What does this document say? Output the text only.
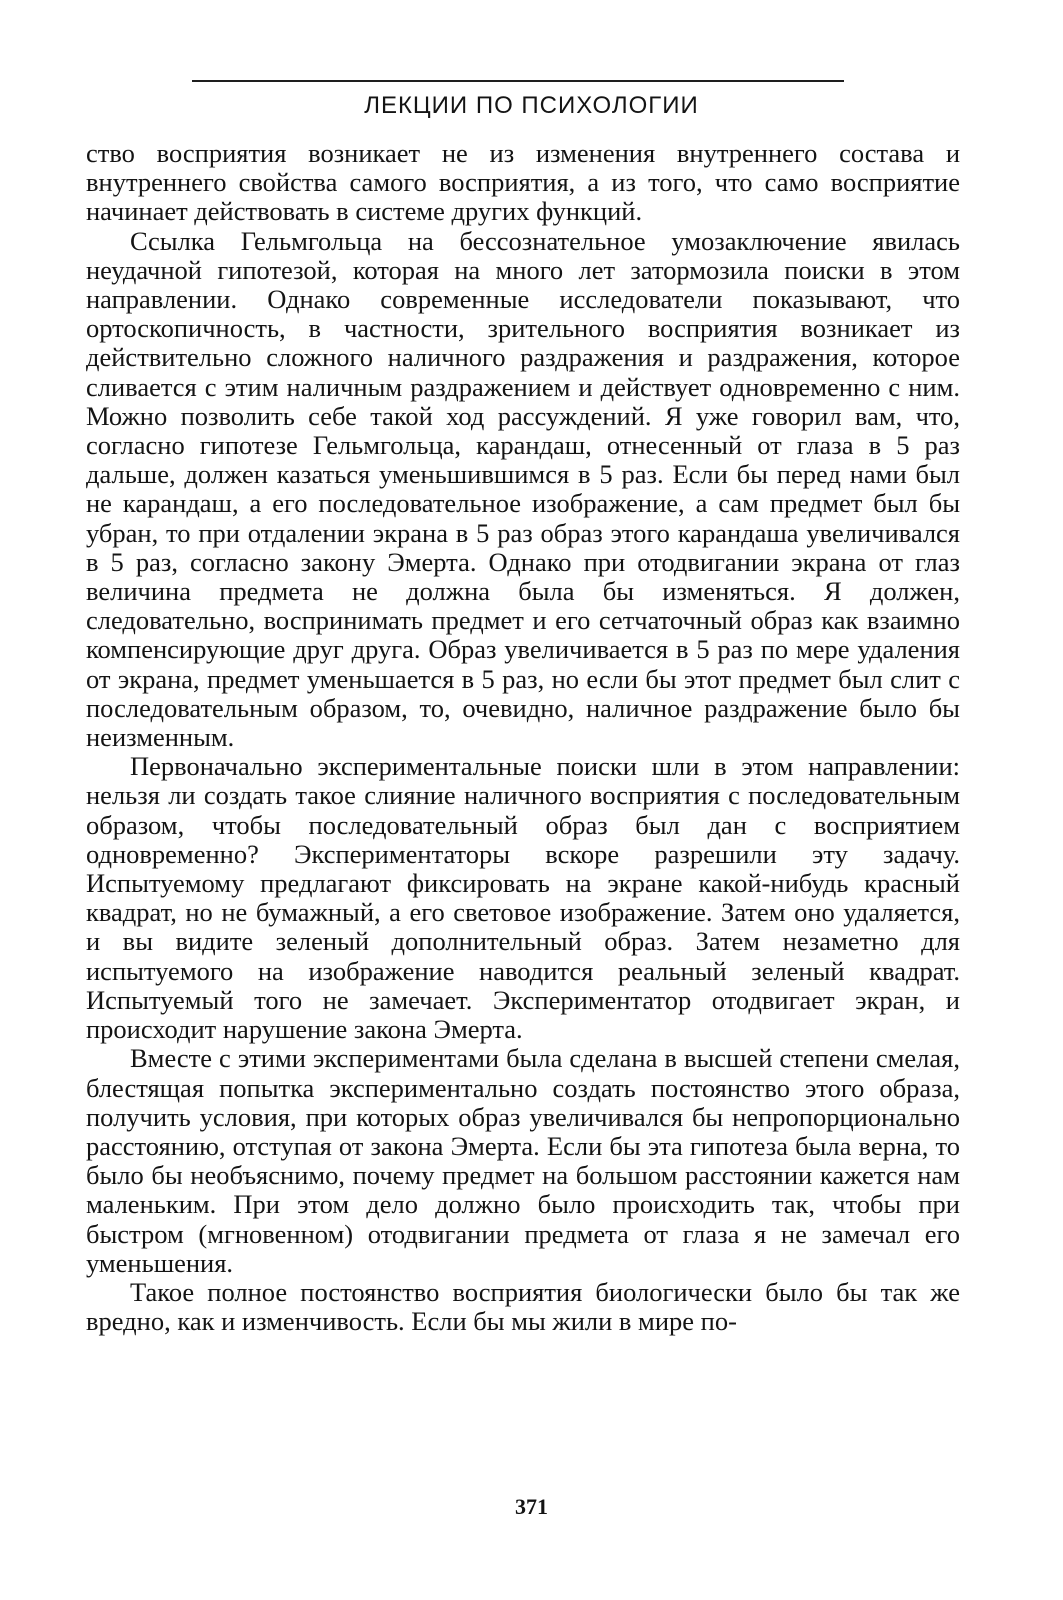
ЛЕКЦИИ ПО ПСИХОЛОГИИ

ство восприятия возникает не из изменения внутреннего состава и внутреннего свойства самого восприятия, а из того, что само восприятие начинает действовать в системе других функций.

Ссылка Гельмгольца на бессознательное умозаключение явилась неудачной гипотезой, которая на много лет затормозила поиски в этом направлении. Однако современные исследователи показывают, что ортоскопичность, в частности, зрительного восприятия возникает из действительно сложного наличного раздражения и раздражения, которое сливается с этим наличным раздражением и действует одновременно с ним. Можно позволить себе такой ход рассуждений. Я уже говорил вам, что, согласно гипотезе Гельмгольца, карандаш, отнесенный от глаза в 5 раз дальше, должен казаться уменьшившимся в 5 раз. Если бы перед нами был не карандаш, а его последовательное изображение, а сам предмет был бы убран, то при отдалении экрана в 5 раз образ этого карандаша увеличивался в 5 раз, согласно закону Эмерта. Однако при отодвигании экрана от глаз величина предмета не должна была бы изменяться. Я должен, следовательно, воспринимать предмет и его сетчаточный образ как взаимно компенсирующие друг друга. Образ увеличивается в 5 раз по мере удаления от экрана, предмет уменьшается в 5 раз, но если бы этот предмет был слит с последовательным образом, то, очевидно, наличное раздражение было бы неизменным.

Первоначально экспериментальные поиски шли в этом направлении: нельзя ли создать такое слияние наличного восприятия с последовательным образом, чтобы последовательный образ был дан с восприятием одновременно? Экспериментаторы вскоре разрешили эту задачу. Испытуемому предлагают фиксировать на экране какой-нибудь красный квадрат, но не бумажный, а его световое изображение. Затем оно удаляется, и вы видите зеленый дополнительный образ. Затем незаметно для испытуемого на изображение наводится реальный зеленый квадрат. Испытуемый того не замечает. Экспериментатор отодвигает экран, и происходит нарушение закона Эмерта.

Вместе с этими экспериментами была сделана в высшей степени смелая, блестящая попытка экспериментально создать постоянство этого образа, получить условия, при которых образ увеличивался бы непропорционально расстоянию, отступая от закона Эмерта. Если бы эта гипотеза была верна, то было бы необъяснимо, почему предмет на большом расстоянии кажется нам маленьким. При этом дело должно было происходить так, чтобы при быстром (мгновенном) отодвигании предмета от глаза я не замечал его уменьшения.

Такое полное постоянство восприятия биологически было бы так же вредно, как и изменчивость. Если бы мы жили в мире по-

371
